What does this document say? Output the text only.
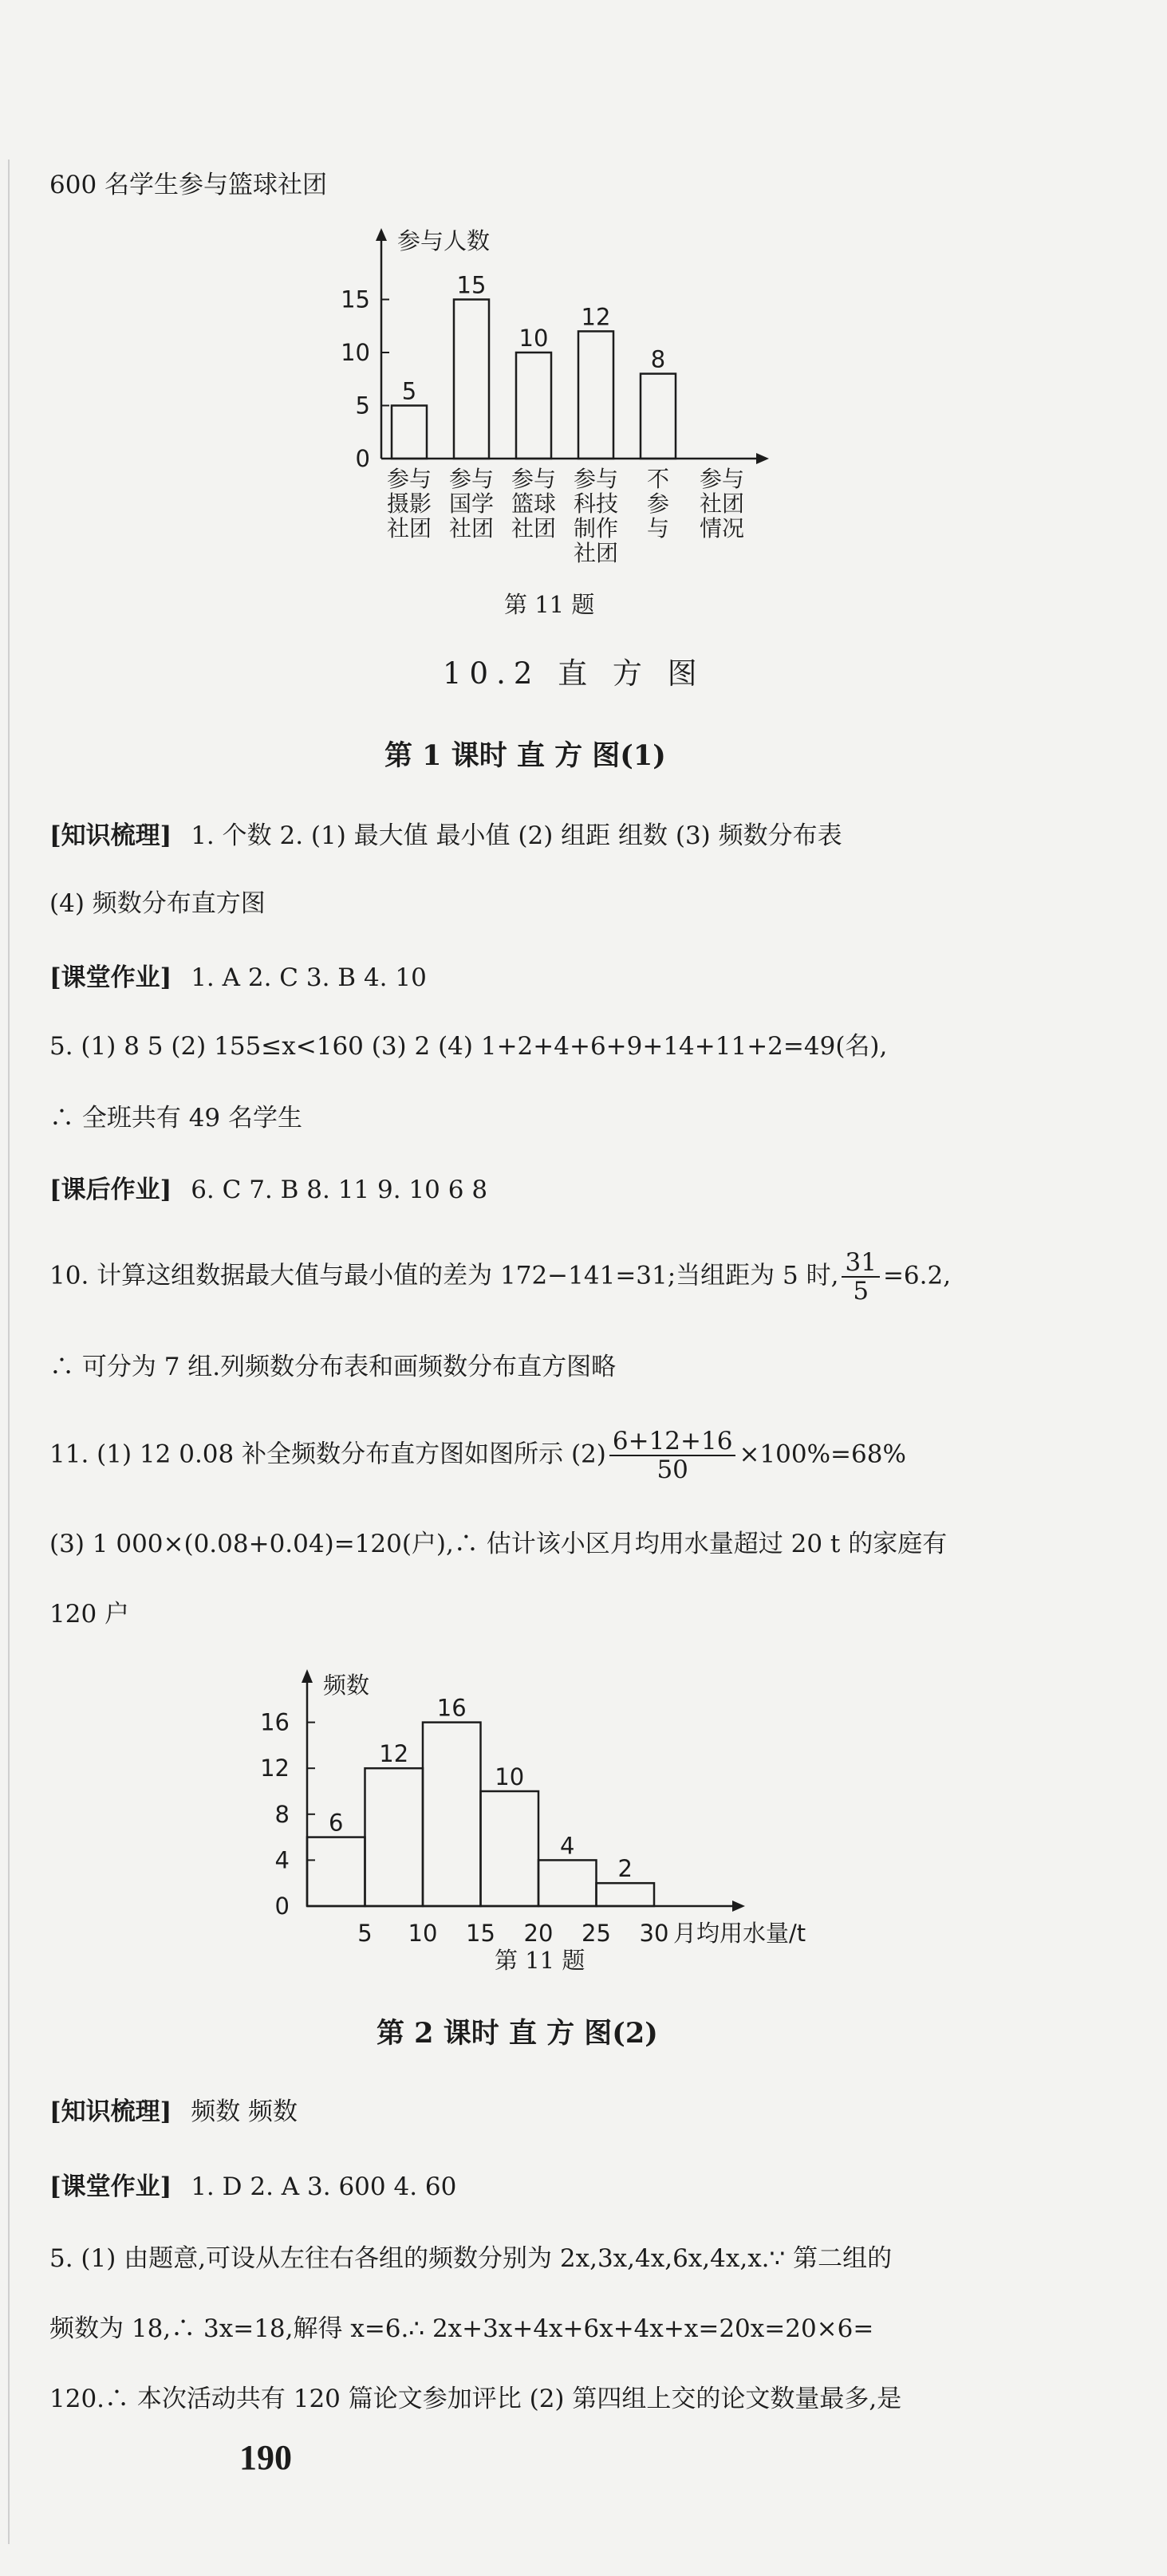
600 名学生参与篮球社团
参与人数
0
5
10
15
5
参与
摄影
社团
15
参与
国学
社团
10
参与
篮球
社团
12
参与
科技
制作
社团
8
不
参
与
参与
社团
情况
第 11 题
10.2 直 方 图
第 1 课时 直 方 图(1)
[知识梳理] 1. 个数 2. (1) 最大值 最小值 (2) 组距 组数 (3) 频数分布表
(4) 频数分布直方图
[课堂作业] 1. A 2. C 3. B 4. 10
5. (1) 8 5 (2) 155≤x<160 (3) 2 (4) 1+2+4+6+9+14+11+2=49(名),
∴ 全班共有 49 名学生
[课后作业] 6. C 7. B 8. 11 9. 10 6 8
10. 计算这组数据最大值与最小值的差为 172−141=31;当组距为 5 时, $\frac{31}{5} =6.2$,
∴ 可分为 7 组.列频数分布表和画频数分布直方图略
11. (1) 12 0.08 补全频数分布直方图如图所示 $(2) \frac{6+12+16}{50} \times 100\%=68\%$
(3) 1 000×(0.08+0.04)=120(户),∴ 估计该小区月均用水量超过 20 t 的家庭有
120 户
频数
0
4
8
12
16
6
12
16
10
4
2
5 10 15 20 25 30 月均用水量/t
第 11 题
第 2 课时 直 方 图(2)
[知识梳理] 频数 频数
[课堂作业] 1. D 2. A 3. 600 4. 60
5. (1) 由题意,可设从左往右各组的频数分别为 2x,3x,4x,6x,4x,x.∵ 第二组的
频数为 18,∴ 3x=18,解得 x=6.∴ 2x+3x+4x+6x+4x+x=20x=20×6=
120.∴ 本次活动共有 120 篇论文参加评比 (2) 第四组上交的论文数量最多,是
190
